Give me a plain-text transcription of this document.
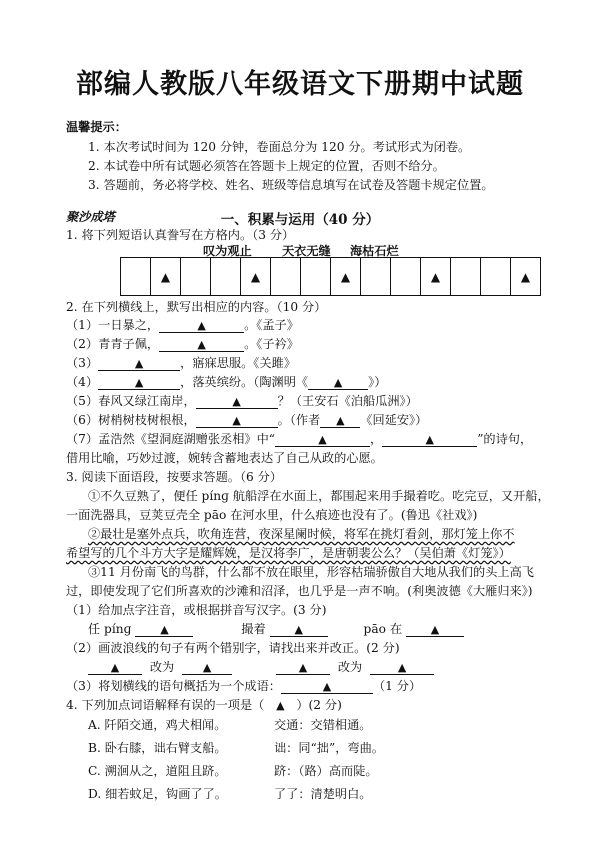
部编人教版八年级语文下册期中试题
温馨提示：
1. 本次考试时间为 120 分钟，卷面总分为 120 分。考试形式为闭卷。
2. 本试卷中所有试题必须答在答题卡上规定的位置，否则不给分。
3. 答题前，务必将学校、姓名、班级等信息填写在试卷及答题卡规定位置。
聚沙成塔	一、积累与运用（40 分）
1. 将下列短语认真誊写在方格内。（3 分）
叹为观止 天衣无缝 海枯石烂
▲	▲	▲	▲	▲
2. 在下列横线上，默写出相应的内容。（10 分）
（1）一日暴之，	▲	。《孟子》
（2）青青子佩，	▲	。《子衿》
（3）	▲	，寤寐思服。《关雎》
（4）	▲	，落英缤纷。（陶渊明《 ▲ 》）
（5）春风又绿江南岸，	▲	？（王安石《泊船瓜洲》）
（6）树梢树枝树根根，	▲	。（作者 ▲ 《回延安》）
（7）孟浩然《望洞庭湖赠张丞相》中“	▲	，	▲	”的诗句，
借用比喻，巧妙过渡，婉转含蓄地表达了自己从政的心愿。
3. 阅读下面语段，按要求答题。（6 分）
①不久豆熟了，便任 pínɡ 航船浮在水面上，都围起来用手撮着吃。吃完豆，又开船，
一面洗器具，豆荚豆壳全 pāo 在河水里，什么痕迹也没有了。(鲁迅《社戏》)
②最壮是塞外点兵，吹角连营，夜深星阑时候，将军在挑灯看剑，那灯笼上你不
希望写的几个斗方大字是耀辉娩，是汉将李广，是唐朝裴公么？（吴伯萧《灯笼》）
③11 月份南飞的鸟群，什么都不放在眼里，形容枯瑞骄傲自大地从我们的头上高飞
过，即使发现了它们所喜欢的沙滩和沼泽，也几乎是一声不响。(利奥波德《大雁归来》)
（1）给加点字注音，或根据拼音写汉字。(3 分)
任 pínɡ	▲	撮着	▲	pāo 在	▲
（2）画波浪线的句子有两个错别字，请找出来并改正。(2 分)
▲	改为	▲	▲	改为	▲
（3）将划横线的语句概括为一个成语：	▲	（1 分）
4. 下列加点词语解释有误的一项是（ ▲ ）(2 分)
A. 阡陌交通，鸡犬相闻。	交通：交错相通。
B. 卧右膝，诎右臂支船。	诎：同“拙”，弯曲。
C. 溯洄从之，道阻且跻。	跻：（路）高而陡。
D. 细若蚊足，钩画了了。	了了：清楚明白。
